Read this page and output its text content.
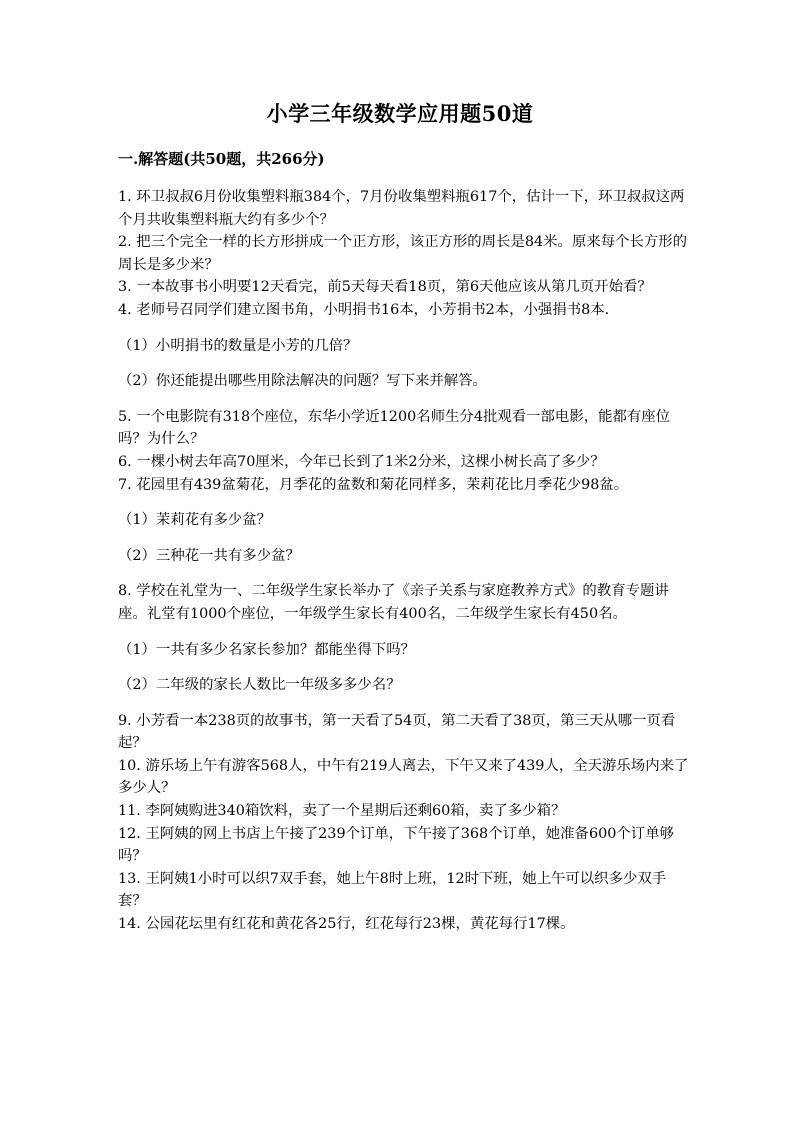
小学三年级数学应用题50道
一.解答题(共50题，共266分)

1. 环卫叔叔6月份收集塑料瓶384个，7月份收集塑料瓶617个，估计一下，环卫叔叔这两个月共收集塑料瓶大约有多少个？

2. 把三个完全一样的长方形拼成一个正方形，该正方形的周长是84米。原来每个长方形的周长是多少米？

3. 一本故事书小明要12天看完，前5天每天看18页，第6天他应该从第几页开始看？

4. 老师号召同学们建立图书角，小明捐书16本，小芳捐书2本，小强捐书8本.

（1）小明捐书的数量是小芳的几倍？

（2）你还能提出哪些用除法解决的问题？写下来并解答。

5. 一个电影院有318个座位，东华小学近1200名师生分4批观看一部电影，能都有座位吗？为什么？

6. 一棵小树去年高70厘米，今年已长到了1米2分米，这棵小树长高了多少？

7. 花园里有439盆菊花，月季花的盆数和菊花同样多，茉莉花比月季花少98盆。

（1）茉莉花有多少盆？

（2）三种花一共有多少盆？

8. 学校在礼堂为一、二年级学生家长举办了《亲子关系与家庭教养方式》的教育专题讲座。礼堂有1000个座位，一年级学生家长有400名，二年级学生家长有450名。

（1）一共有多少名家长参加？都能坐得下吗？

（2）二年级的家长人数比一年级多多少名？

9. 小芳看一本238页的故事书，第一天看了54页，第二天看了38页，第三天从哪一页看起？

10. 游乐场上午有游客568人，中午有219人离去，下午又来了439人，全天游乐场内来了多少人？

11. 李阿姨购进340箱饮料，卖了一个星期后还剩60箱，卖了多少箱？

12. 王阿姨的网上书店上午接了239个订单，下午接了368个订单，她准备600个订单够吗？

13. 王阿姨1小时可以织7双手套，她上午8时上班，12时下班，她上午可以织多少双手套？

14. 公园花坛里有红花和黄花各25行，红花每行23棵，黄花每行17棵。
